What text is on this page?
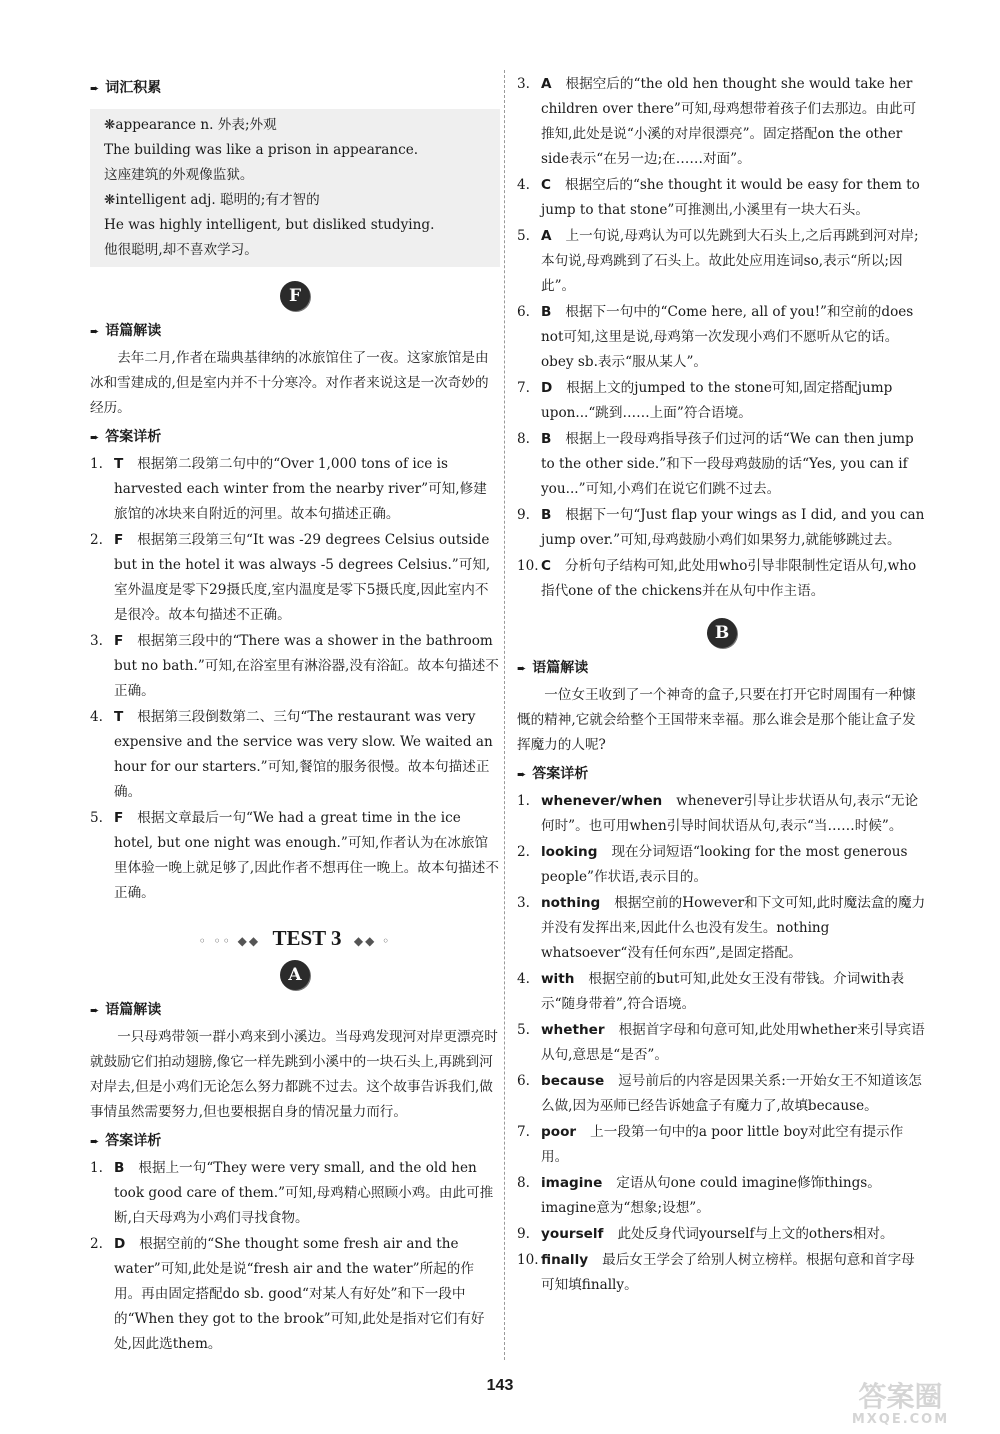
➨ 词汇积累

❋appearance n. 外表;外观

The building was like a prison in appearance.

这座建筑的外观像监狱。

❋intelligent adj. 聪明的;有才智的

He was highly intelligent, but disliked studying.

他很聪明,却不喜欢学习。

F
➨ 语篇解读

去年二月,作者在瑞典基律纳的冰旅馆住了一夜。这家旅馆是由冰和雪建成的,但是室内并不十分寒冷。对作者来说这是一次奇妙的经历。

➨ 答案详析
1. T 根据第二段第二句中的“Over 1,000 tons of ice is harvested each winter from the nearby river”可知,修建旅馆的冰块来自附近的河里。故本句描述正确。
2. F 根据第三段第三句“It was -29 degrees Celsius outside but in the hotel it was always -5 degrees Celsius.”可知,室外温度是零下29摄氏度,室内温度是零下5摄氏度,因此室内不是很冷。故本句描述不正确。
3. F 根据第三段中的“There was a shower in the bathroom but no bath.”可知,在浴室里有淋浴器,没有浴缸。故本句描述不正确。
4. T 根据第三段倒数第二、三句“The restaurant was very expensive and the service was very slow. We waited an hour for our starters.”可知,餐馆的服务很慢。故本句描述正确。
5. F 根据文章最后一句“We had a great time in the ice hotel, but one night was enough.”可知,作者认为在冰旅馆里体验一晚上就足够了,因此作者不想再住一晚上。故本句描述不正确。
◦ ◦◦ ◆◆ TEST 3 ◆◆ ◦
A
➨ 语篇解读

一只母鸡带领一群小鸡来到小溪边。当母鸡发现河对岸更漂亮时就鼓励它们拍动翅膀,像它一样先跳到小溪中的一块石头上,再跳到河对岸去,但是小鸡们无论怎么努力都跳不过去。这个故事告诉我们,做事情虽然需要努力,但也要根据自身的情况量力而行。

➨ 答案详析
1. B 根据上一句“They were very small, and the old hen took good care of them.”可知,母鸡精心照顾小鸡。由此可推断,白天母鸡为小鸡们寻找食物。
2. D 根据空前的“She thought some fresh air and the water”可知,此处是说“fresh air and the water”所起的作用。再由固定搭配do sb. good“对某人有好处”和下一段中的“When they got to the brook”可知,此处是指对它们有好处,因此选them。
3. A 根据空后的“the old hen thought she would take her children over there”可知,母鸡想带着孩子们去那边。由此可推知,此处是说“小溪的对岸很漂亮”。固定搭配on the other side表示“在另一边;在……对面”。
4. C 根据空后的“she thought it would be easy for them to jump to that stone”可推测出,小溪里有一块大石头。
5. A 上一句说,母鸡认为可以先跳到大石头上,之后再跳到河对岸;本句说,母鸡跳到了石头上。故此处应用连词so,表示“所以;因此”。
6. B 根据下一句中的“Come here, all of you!”和空前的does not可知,这里是说,母鸡第一次发现小鸡们不愿听从它的话。obey sb.表示“服从某人”。
7. D 根据上文的jumped to the stone可知,固定搭配jump upon...“跳到……上面”符合语境。
8. B 根据上一段母鸡指导孩子们过河的话“We can then jump to the other side.”和下一段母鸡鼓励的话“Yes, you can if you...”可知,小鸡们在说它们跳不过去。
9. B 根据下一句“Just flap your wings as I did, and you can jump over.”可知,母鸡鼓励小鸡们如果努力,就能够跳过去。
10. C 分析句子结构可知,此处用who引导非限制性定语从句,who指代one of the chickens并在从句中作主语。
B
➨ 语篇解读

一位女王收到了一个神奇的盒子,只要在打开它时周围有一种慷慨的精神,它就会给整个王国带来幸福。那么谁会是那个能让盒子发挥魔力的人呢?

➨ 答案详析
1. whenever/when whenever引导让步状语从句,表示“无论何时”。也可用when引导时间状语从句,表示“当……时候”。
2. looking 现在分词短语“looking for the most generous people”作状语,表示目的。
3. nothing 根据空前的However和下文可知,此时魔法盒的魔力并没有发挥出来,因此什么也没有发生。nothing whatsoever“没有任何东西”,是固定搭配。
4. with 根据空前的but可知,此处女王没有带钱。介词with表示“随身带着”,符合语境。
5. whether 根据首字母和句意可知,此处用whether来引导宾语从句,意思是“是否”。
6. because 逗号前后的内容是因果关系:一开始女王不知道该怎么做,因为巫师已经告诉她盒子有魔力了,故填because。
7. poor 上一段第一句中的a poor little boy对此空有提示作用。
8. imagine 定语从句one could imagine修饰things。imagine意为“想象;设想”。
9. yourself 此处反身代词yourself与上文的others相对。
10. finally 最后女王学会了给别人树立榜样。根据句意和首字母可知填finally。
143	答案圈
MXQE.COM
